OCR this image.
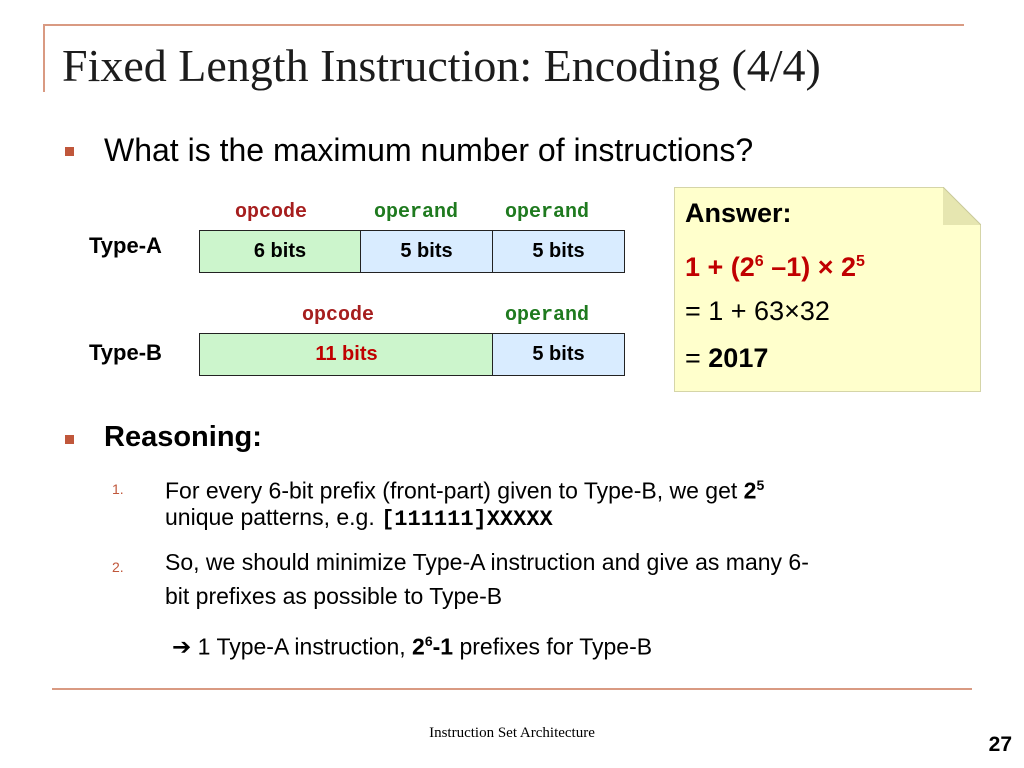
Fixed Length Instruction: Encoding (4/4)
What is the maximum number of instructions?
opcode	operand operand
Type-A	6 bits	5 bits	5 bits
opcode	operand
Type-B	11 bits	5 bits
Answer:
$1 + (2^6$ $-1) \times 2^5$
= 1 + 63×32
= 2017
Reasoning:
1. For every 6-bit prefix (front-part) given to Type-B, we get $2^5$
unique patterns, e.g. [111111]XXXXX
2. So, we should minimize Type-A instruction and give as many 6-
bit prefixes as possible to Type-B
➔ 1 Type-A instruction, $2^6-1$ prefixes for Type-B
Instruction Set Architecture	27
